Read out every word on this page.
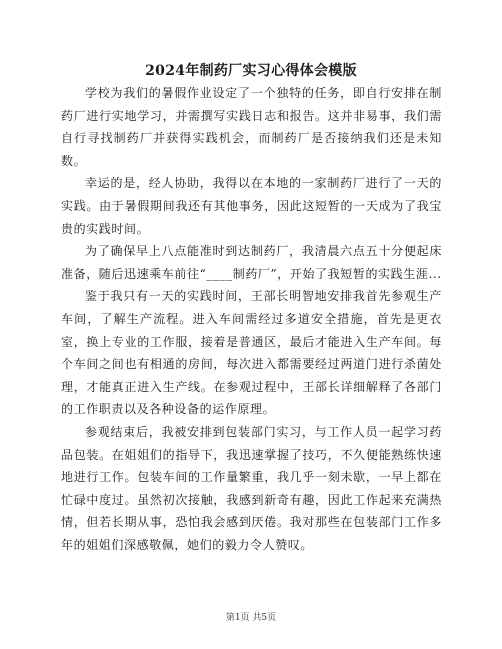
2024年制药厂实习心得体会模版

学校为我们的暑假作业设定了一个独特的任务，即自行安排在制药厂进行实地学习，并需撰写实践日志和报告。这并非易事，我们需自行寻找制药厂并获得实践机会，而制药厂是否接纳我们还是未知数。

幸运的是，经人协助，我得以在本地的一家制药厂进行了一天的实践。由于暑假期间我还有其他事务，因此这短暂的一天成为了我宝贵的实践时间。

为了确保早上八点能准时到达制药厂，我清晨六点五十分便起床准备，随后迅速乘车前往“____制药厂”，开始了我短暂的实践生涯...

鉴于我只有一天的实践时间，王部长明智地安排我首先参观生产车间，了解生产流程。进入车间需经过多道安全措施，首先是更衣室，换上专业的工作服，接着是普通区，最后才能进入生产车间。每个车间之间也有相通的房间，每次进入都需要经过两道门进行杀菌处理，才能真正进入生产线。在参观过程中，王部长详细解释了各部门的工作职责以及各种设备的运作原理。

参观结束后，我被安排到包装部门实习，与工作人员一起学习药品包装。在姐姐们的指导下，我迅速掌握了技巧，不久便能熟练快速地进行工作。包装车间的工作量繁重，我几乎一刻未歇，一早上都在忙碌中度过。虽然初次接触，我感到新奇有趣，因此工作起来充满热情，但若长期从事，恐怕我会感到厌倦。我对那些在包装部门工作多年的姐姐们深感敬佩，她们的毅力令人赞叹。

第1页 共5页
